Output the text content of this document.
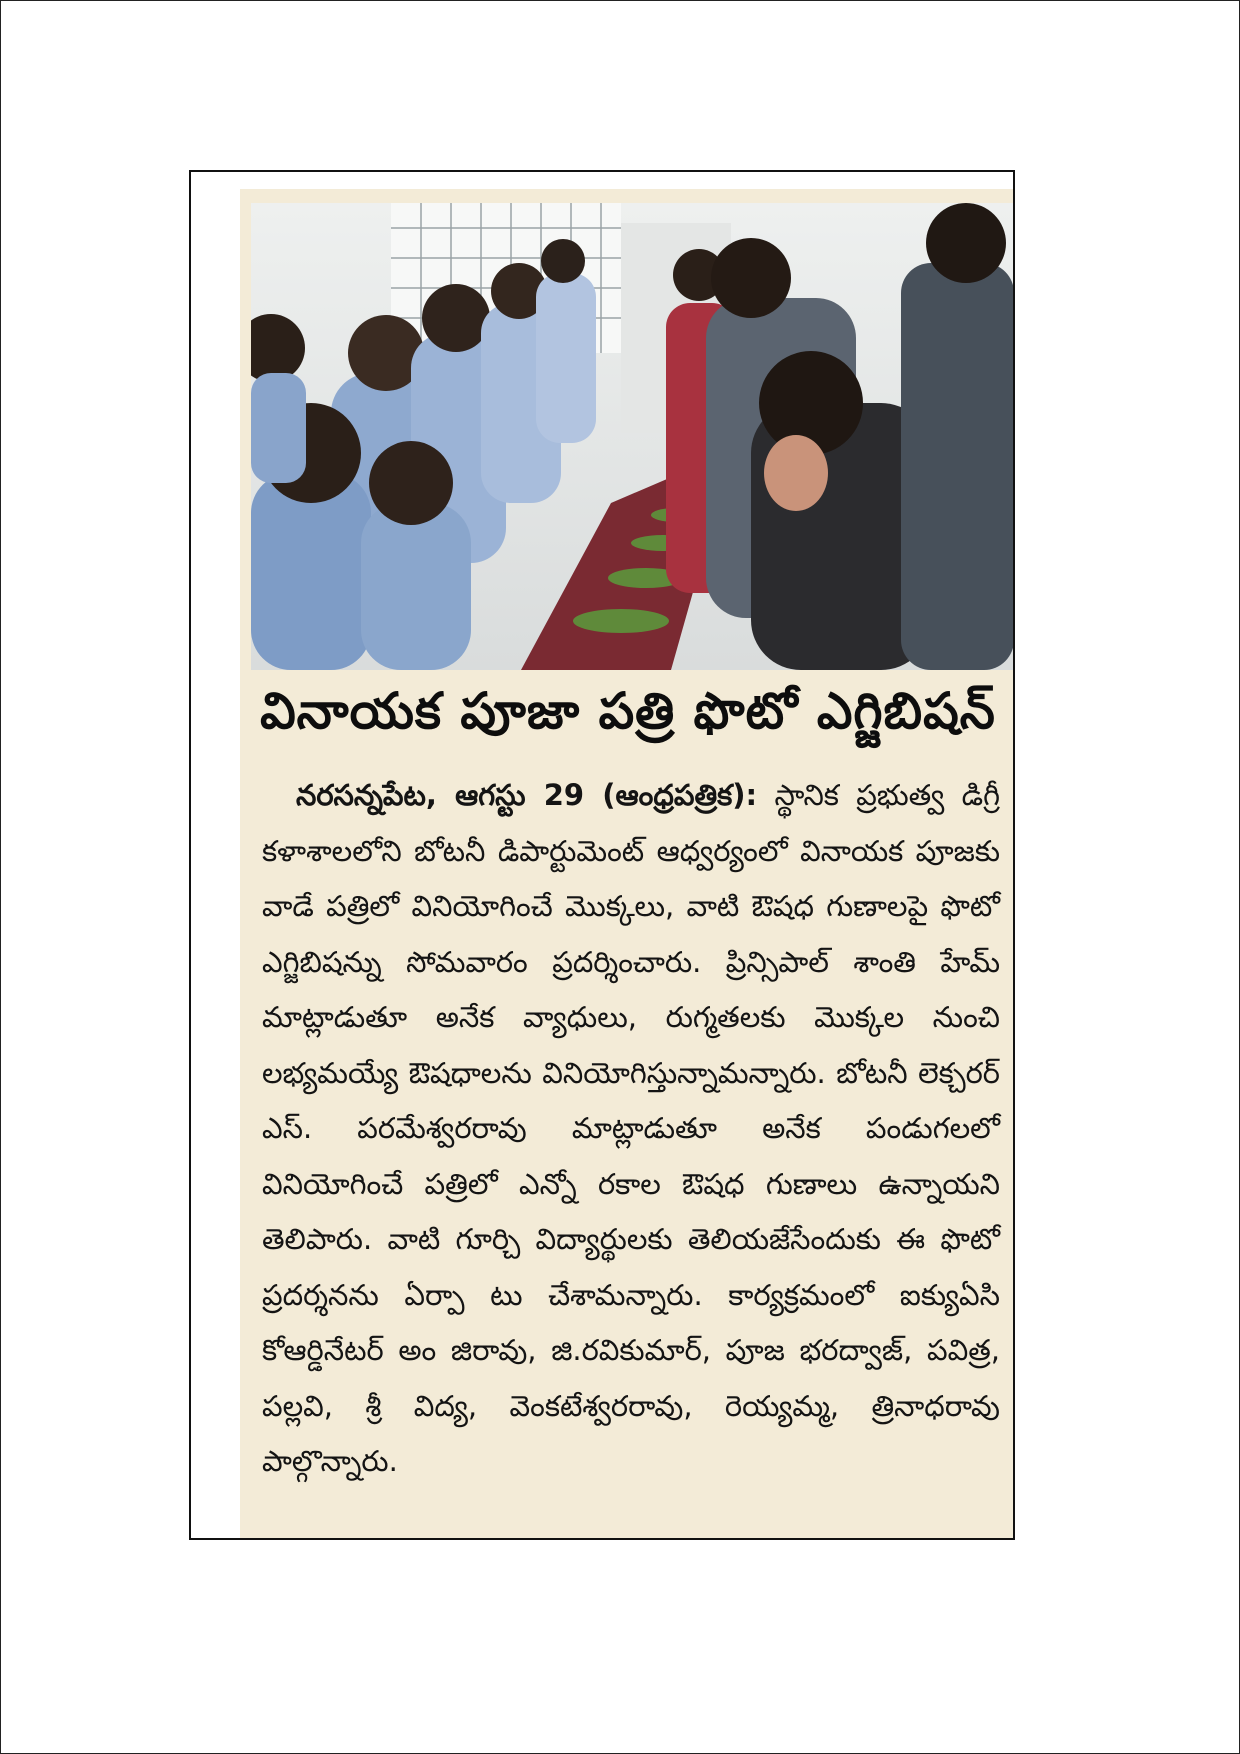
వినాయక పూజా పత్రి ఫొటో ఎగ్జిబిషన్
నరసన్నపేట, ఆగస్టు 29 (ఆంధ్రపత్రిక): స్థానిక ప్రభుత్వ డిగ్రీ కళాశాలలోని బోటనీ డిపార్టుమెంట్ ఆధ్వర్యంలో వినాయక పూజకు వాడే పత్రిలో వినియోగించే మొక్కలు, వాటి ఔషధ గుణాలపై ఫొటో ఎగ్జిబిషన్ను సోమవారం ప్రదర్శించారు. ప్రిన్సిపాల్ శాంతి హేమ్ మాట్లాడుతూ అనేక వ్యాధులు, రుగ్మతలకు మొక్కల నుంచి లభ్యమయ్యే ఔషధాలను వినియోగిస్తున్నామన్నారు. బోటనీ లెక్చరర్ ఎస్. పరమేశ్వరరావు మాట్లాడుతూ అనేక పండుగలలో వినియోగించే పత్రిలో ఎన్నో రకాల ఔషధ గుణాలు ఉన్నాయని తెలిపారు. వాటి గూర్చి విద్యార్థులకు తెలియజేసేందుకు ఈ ఫొటో ప్రదర్శనను ఏర్పా టు చేశామన్నారు. కార్యక్రమంలో ఐక్యుఏసి కోఆర్డినేటర్ అం జిరావు, జి.రవికుమార్, పూజ భరద్వాజ్, పవిత్ర, పల్లవి, శ్రీ విద్య, వెంకటేశ్వరరావు, రెయ్యమ్మ, త్రినాధరావు పాల్గొన్నారు.
